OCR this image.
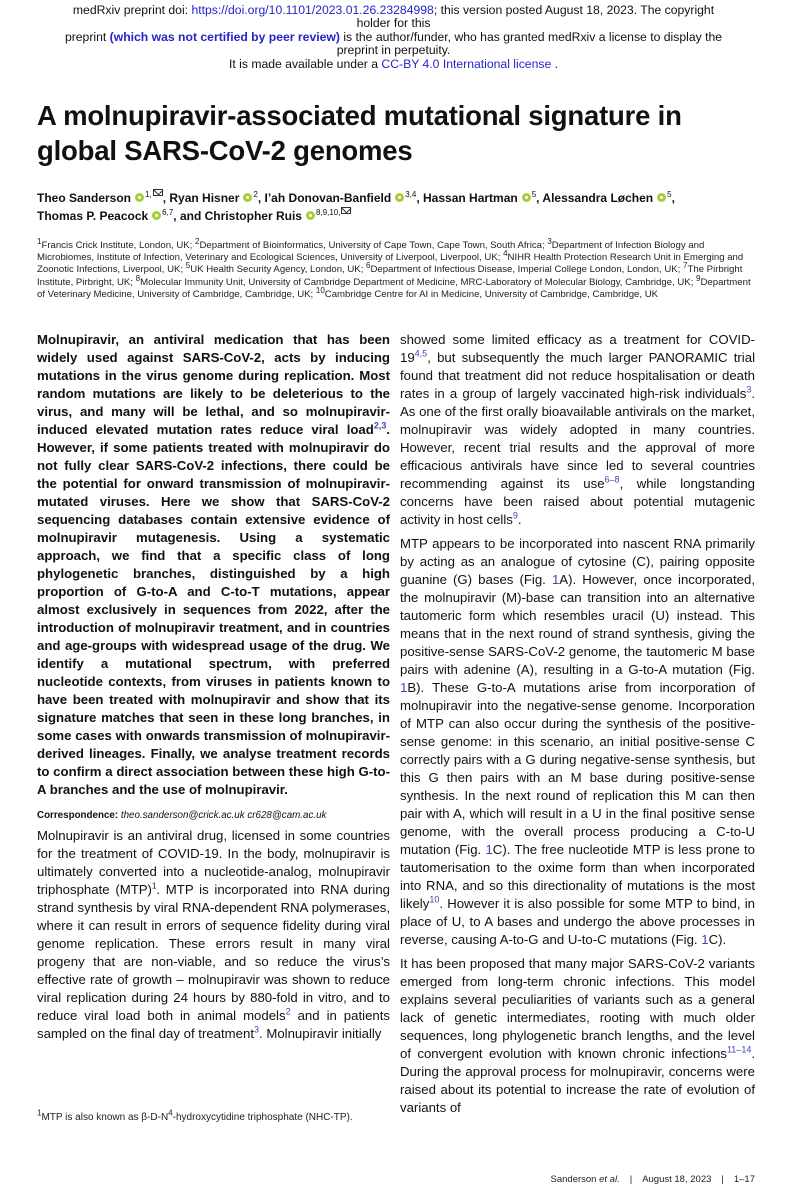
medRxiv preprint doi: https://doi.org/10.1101/2023.01.26.23284998; this version posted August 18, 2023. The copyright holder for this
preprint (which was not certified by peer review) is the author/funder, who has granted medRxiv a license to display the preprint in perpetuity.
It is made available under a CC-BY 4.0 International license .
A molnupiravir-associated mutational signature in global SARS-CoV-2 genomes
Theo Sanderson $^{1,}$ , Ryan Hisner $^2$, I’ah Donovan-Banfield $^{3,4}$, Hassan Hartman $^5$, Alessandra Løchen $^5$,
Thomas P. Peacock $^{6,7}$, and Christopher Ruis $^{8,9,10,}$
$^1$Francis Crick Institute, London, UK; $^2$Department of Bioinformatics, University of Cape Town, Cape Town, South Africa; $^3$Department of Infection Biology and Microbiomes, Institute of Infection, Veterinary and Ecological Sciences, University of Liverpool, Liverpool, UK; $^4$NIHR Health Protection Research Unit in Emerging and Zoonotic Infections, Liverpool, UK; $^5$UK Health Security Agency, London, UK; $^6$Department of Infectious Disease, Imperial College London, London, UK; $^7$The Pirbright Institute, Pirbright, UK; $^8$Molecular Immunity Unit, University of Cambridge Department of Medicine, MRC-Laboratory of Molecular Biology, Cambridge, UK; $^9$Department of Veterinary Medicine, University of Cambridge, Cambridge, UK; $^{10}$Cambridge Centre for AI in Medicine, University of Cambridge, Cambridge, UK

Molnupiravir, an antiviral medication that has been widely used against SARS-CoV-2, acts by inducing mutations in the virus genome during replication. Most random mutations are likely to be deleterious to the virus, and many will be lethal, and so molnupiravir-induced elevated mutation rates reduce viral load$^{2,3}$. However, if some patients treated with molnupiravir do not fully clear SARS-CoV-2 infections, there could be the potential for onward transmission of molnupiravir-mutated viruses. Here we show that SARS-CoV-2 sequencing databases contain extensive evidence of molnupiravir mutagenesis. Using a systematic approach, we find that a specific class of long phylogenetic branches, distinguished by a high proportion of G-to-A and C-to-T mutations, appear almost exclusively in sequences from 2022, after the introduction of molnupiravir treatment, and in countries and age-groups with widespread usage of the drug. We identify a mutational spectrum, with preferred nucleotide contexts, from viruses in patients known to have been treated with molnupiravir and show that its signature matches that seen in these long branches, in some cases with onwards transmission of molnupiravir-derived lineages. Finally, we analyse treatment records to confirm a direct association between these high G-to-A branches and the use of molnupiravir.

Correspondence: theo.sanderson@crick.ac.uk cr628@cam.ac.uk

Molnupiravir is an antiviral drug, licensed in some countries for the treatment of COVID-19. In the body, molnupiravir is ultimately converted into a nucleotide-analog, molnupiravir triphosphate (MTP)$^1$. MTP is incorporated into RNA during strand synthesis by viral RNA-dependent RNA polymerases, where it can result in errors of sequence fidelity during viral genome replication. These errors result in many viral progeny that are non-viable, and so reduce the virus’s effective rate of growth – molnupiravir was shown to reduce viral replication during 24 hours by 880-fold in vitro, and to reduce viral load both in animal models$^2$ and in patients sampled on the final day of treatment$^3$. Molnupiravir initially

$^1$MTP is also known as $\beta-D-N^4$-hydroxycytidine triphosphate (NHC-TP).

showed some limited efficacy as a treatment for COVID-19$^{4,5}$, but subsequently the much larger PANORAMIC trial found that treatment did not reduce hospitalisation or death rates in a group of largely vaccinated high-risk individuals$^3$. As one of the first orally bioavailable antivirals on the market, molnupiravir was widely adopted in many countries. However, recent trial results and the approval of more efficacious antivirals have since led to several countries recommending against its use$^{6-8}$, while longstanding concerns have been raised about potential mutagenic activity in host cells$^9$.

MTP appears to be incorporated into nascent RNA primarily by acting as an analogue of cytosine (C), pairing opposite guanine (G) bases (Fig. 1A). However, once incorporated, the molnupiravir (M)-base can transition into an alternative tautomeric form which resembles uracil (U) instead. This means that in the next round of strand synthesis, giving the positive-sense SARS-CoV-2 genome, the tautomeric M base pairs with adenine (A), resulting in a G-to-A mutation (Fig. 1B). These G-to-A mutations arise from incorporation of molnupiravir into the negative-sense genome. Incorporation of MTP can also occur during the synthesis of the positive-sense genome: in this scenario, an initial positive-sense C correctly pairs with a G during negative-sense synthesis, but this G then pairs with an M base during positive-sense synthesis. In the next round of replication this M can then pair with A, which will result in a U in the final positive sense genome, with the overall process producing a C-to-U mutation (Fig. 1C). The free nucleotide MTP is less prone to tautomerisation to the oxime form than when incorporated into RNA, and so this directionality of mutations is the most likely$^{10}$. However it is also possible for some MTP to bind, in place of U, to A bases and undergo the above processes in reverse, causing A-to-G and U-to-C mutations (Fig. 1C).

It has been proposed that many major SARS-CoV-2 variants emerged from long-term chronic infections. This model explains several peculiarities of variants such as a general lack of genetic intermediates, rooting with much older sequences, long phylogenetic branch lengths, and the level of convergent evolution with known chronic infections$^{11-14}$. During the approval process for molnupiravir, concerns were raised about its potential to increase the rate of evolution of variants of

Sanderson et al. | August 18, 2023 | 1–17
